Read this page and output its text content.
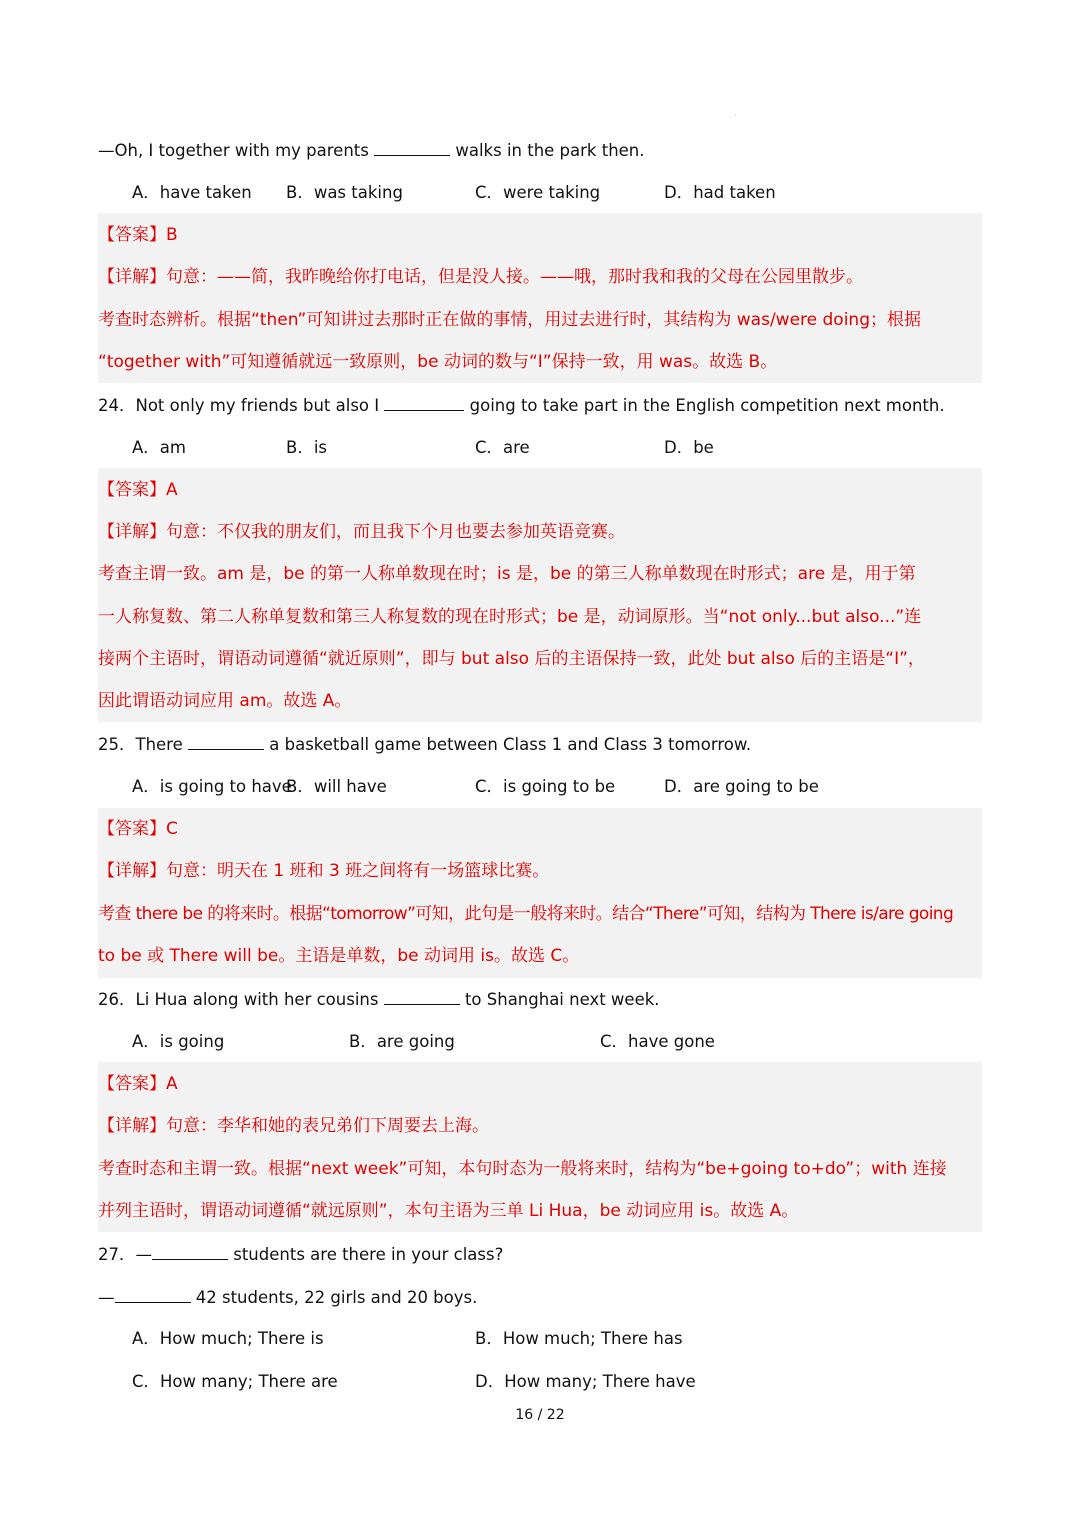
—Oh, I together with my parents	walks in the park then.
A．have taken B．was taking	C．were taking	D．had taken
【答案】B
【详解】句意：——简，我昨晚给你打电话，但是没人接。——哦，那时我和我的父母在公园里散步。
考查时态辨析。根据“then”可知讲过去那时正在做的事情，用过去进行时，其结构为 was/were doing；根据
“together with”可知遵循就远一致原则，be 动词的数与“I”保持一致，用 was。故选 B。
24．Not only my friends but also I	going to take part in the English competition next month.
A．am	B．is	C．are	D．be
【答案】A
【详解】句意：不仅我的朋友们，而且我下个月也要去参加英语竞赛。
考查主谓一致。am 是，be 的第一人称单数现在时；is 是，be 的第三人称单数现在时形式；are 是，用于第
一人称复数、第二人称单复数和第三人称复数的现在时形式；be 是，动词原形。当“not only...but also...”连
接两个主语时，谓语动词遵循“就近原则”，即与 but also 后的主语保持一致，此处 but also 后的主语是“I”，
因此谓语动词应用 am。故选 A。
25．There	a basketball game between Class 1 and Class 3 tomorrow.
A．is going to have
B．will have	C．is going to be	D．are going to be
【答案】C
【详解】句意：明天在 1 班和 3 班之间将有一场篮球比赛。
考查 there be 的将来时。根据“tomorrow”可知，此句是一般将来时。结合“There”可知，结构为 There is/are going
to be 或 There will be。主语是单数，be 动词用 is。故选 C。
26．Li Hua along with her cousins	to Shanghai next week.
A．is going	B．are going	C．have gone
【答案】A
【详解】句意：李华和她的表兄弟们下周要去上海。
考查时态和主谓一致。根据“next week”可知，本句时态为一般将来时，结构为“be+going to+do”；with 连接
并列主语时，谓语动词遵循“就远原则”，本句主语为三单 Li Hua，be 动词应用 is。故选 A。
27．—	students are there in your class?
—	42 students, 22 girls and 20 boys.
A．How much; There is	B．How much; There has
C．How many; There are	D．How many; There have
16 / 22
